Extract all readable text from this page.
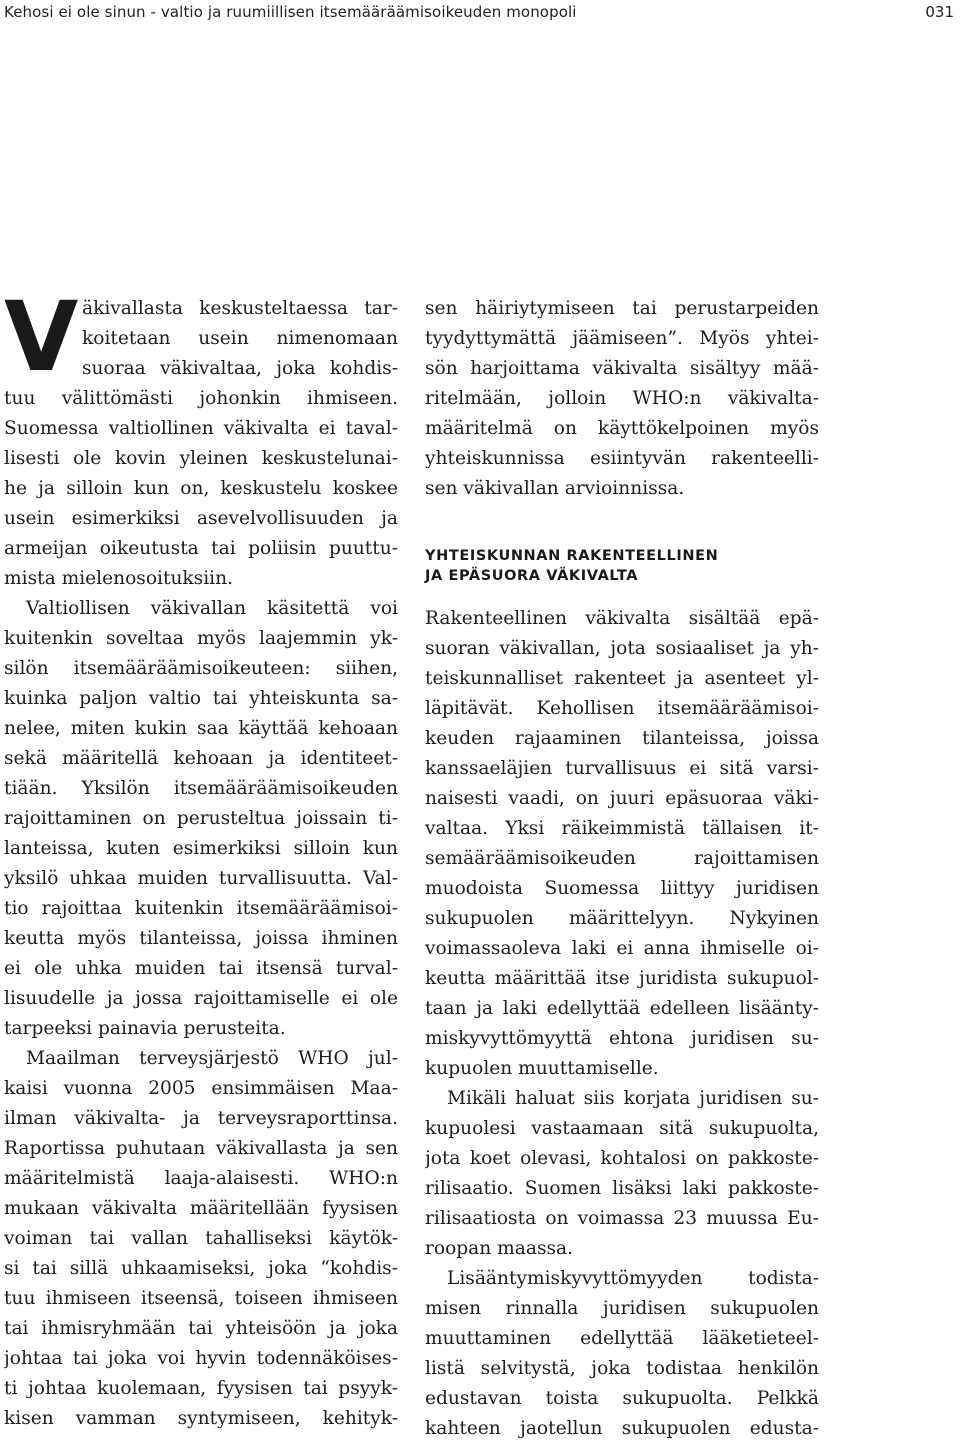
Kehosi ei ole sinun - valtio ja ruumiillisen itsemääräämisoikeuden monopoli	031
V äkivallasta keskusteltaessa tar-
koitetaan usein nimenomaan
suoraa väkivaltaa, joka kohdis-
tuu välittömästi johonkin ihmiseen.
Suomessa valtiollinen väkivalta ei taval-
lisesti ole kovin yleinen keskustelunai-
he ja silloin kun on, keskustelu koskee
usein esimerkiksi asevelvollisuuden ja
armeijan oikeutusta tai poliisin puuttu-
mista mielenosoituksiin.
Valtiollisen väkivallan käsitettä voi
kuitenkin soveltaa myös laajemmin yk-
silön itsemääräämisoikeuteen: siihen,
kuinka paljon valtio tai yhteiskunta sa-
nelee, miten kukin saa käyttää kehoaan
sekä määritellä kehoaan ja identiteet-
tiään. Yksilön itsemääräämisoikeuden
rajoittaminen on perusteltua joissain ti-
lanteissa, kuten esimerkiksi silloin kun
yksilö uhkaa muiden turvallisuutta. Val-
tio rajoittaa kuitenkin itsemääräämisoi-
keutta myös tilanteissa, joissa ihminen
ei ole uhka muiden tai itsensä turval-
lisuudelle ja jossa rajoittamiselle ei ole
tarpeeksi painavia perusteita.
Maailman terveysjärjestö WHO jul-
kaisi vuonna 2005 ensimmäisen Maa-
ilman väkivalta- ja terveysraporttinsa.
Raportissa puhutaan väkivallasta ja sen
määritelmistä laaja-alaisesti. WHO:n
mukaan väkivalta määritellään fyysisen
voiman tai vallan tahalliseksi käytök-
si tai sillä uhkaamiseksi, joka “kohdis-
tuu ihmiseen itseensä, toiseen ihmiseen
tai ihmisryhmään tai yhteisöön ja joka
johtaa tai joka voi hyvin todennäköises-
ti johtaa kuolemaan, fyysisen tai psyyk-
kisen vamman syntymiseen, kehityk-
sen häiriytymiseen tai perustarpeiden
tyydyttymättä jäämiseen”. Myös yhtei-
sön harjoittama väkivalta sisältyy mää-
ritelmään, jolloin WHO:n väkivalta-
määritelmä on käyttökelpoinen myös
yhteiskunnissa esiintyvän rakenteelli-
sen väkivallan arvioinnissa.
YHTEISKUNNAN RAKENTEELLINEN
JA EPÄSUORA VÄKIVALTA
Rakenteellinen väkivalta sisältää epä-
suoran väkivallan, jota sosiaaliset ja yh-
teiskunnalliset rakenteet ja asenteet yl-
läpitävät. Kehollisen itsemääräämisoi-
keuden rajaaminen tilanteissa, joissa
kanssaeläjien turvallisuus ei sitä varsi-
naisesti vaadi, on juuri epäsuoraa väki-
valtaa. Yksi räikeimmistä tällaisen it-
semääräämisoikeuden rajoittamisen
muodoista Suomessa liittyy juridisen
sukupuolen määrittelyyn. Nykyinen
voimassaoleva laki ei anna ihmiselle oi-
keutta määrittää itse juridista sukupuol-
taan ja laki edellyttää edelleen lisäänty-
miskyvyttömyyttä ehtona juridisen su-
kupuolen muuttamiselle.
Mikäli haluat siis korjata juridisen su-
kupuolesi vastaamaan sitä sukupuolta,
jota koet olevasi, kohtalosi on pakkoste-
rilisaatio. Suomen lisäksi laki pakkoste-
rilisaatiosta on voimassa 23 muussa Eu-
roopan maassa.
Lisääntymiskyvyttömyyden todista-
misen rinnalla juridisen sukupuolen
muuttaminen edellyttää lääketieteel-
listä selvitystä, joka todistaa henkilön
edustavan toista sukupuolta. Pelkkä
kahteen jaotellun sukupuolen edusta-
